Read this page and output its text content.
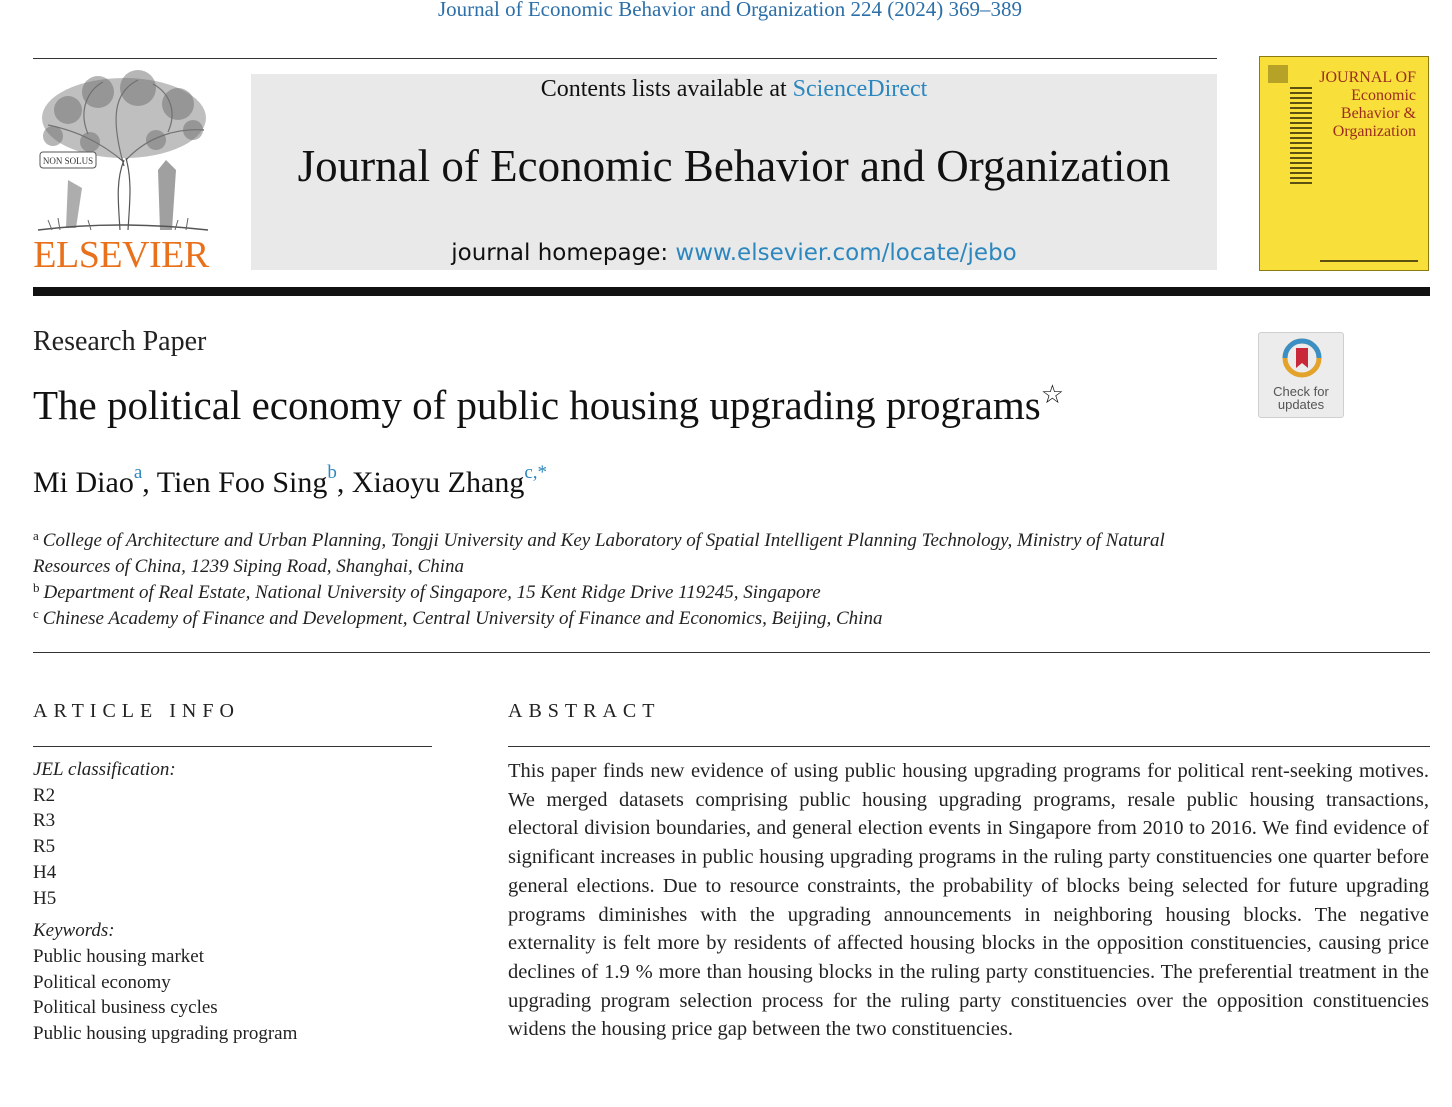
Journal of Economic Behavior and Organization 224 (2024) 369–389
NON SOLUS
ELSEVIER
Contents lists available at ScienceDirect
Journal of Economic Behavior and Organization
journal homepage: www.elsevier.com/locate/jebo
JOURNAL OF
Economic
Behavior &
Organization
Research Paper
The political economy of public housing upgrading programs☆	Check for
updates
Mi Diao$^a$, Tien Foo Sing$^b$, Xiaoyu Zhang$^{c,*}$
$^a$ College of Architecture and Urban Planning, Tongji University and Key Laboratory of Spatial Intelligent Planning Technology, Ministry of Natural Resources of China, 1239 Siping Road, Shanghai, China
$^b$ Department of Real Estate, National University of Singapore, 15 Kent Ridge Drive 119245, Singapore
$^c$ Chinese Academy of Finance and Development, Central University of Finance and Economics, Beijing, China
ARTICLE INFO	ABSTRACT
JEL classification:
R2
R3
R5
H4
H5
Keywords:
Public housing market
Political economy
Political business cycles
Public housing upgrading program
This paper finds new evidence of using public housing upgrading programs for political rent-seeking motives. We merged datasets comprising public housing upgrading programs, resale public housing transactions, electoral division boundaries, and general election events in Singapore from 2010 to 2016. We find evidence of significant increases in public housing upgrading programs in the ruling party constituencies one quarter before general elections. Due to resource constraints, the probability of blocks being selected for future upgrading programs diminishes with the upgrading announcements in neighboring housing blocks. The negative externality is felt more by residents of affected housing blocks in the opposition constituencies, causing price declines of 1.9 % more than housing blocks in the ruling party constituencies. The preferential treatment in the upgrading program selection process for the ruling party constituencies over the opposition constituencies widens the housing price gap between the two constituencies.
